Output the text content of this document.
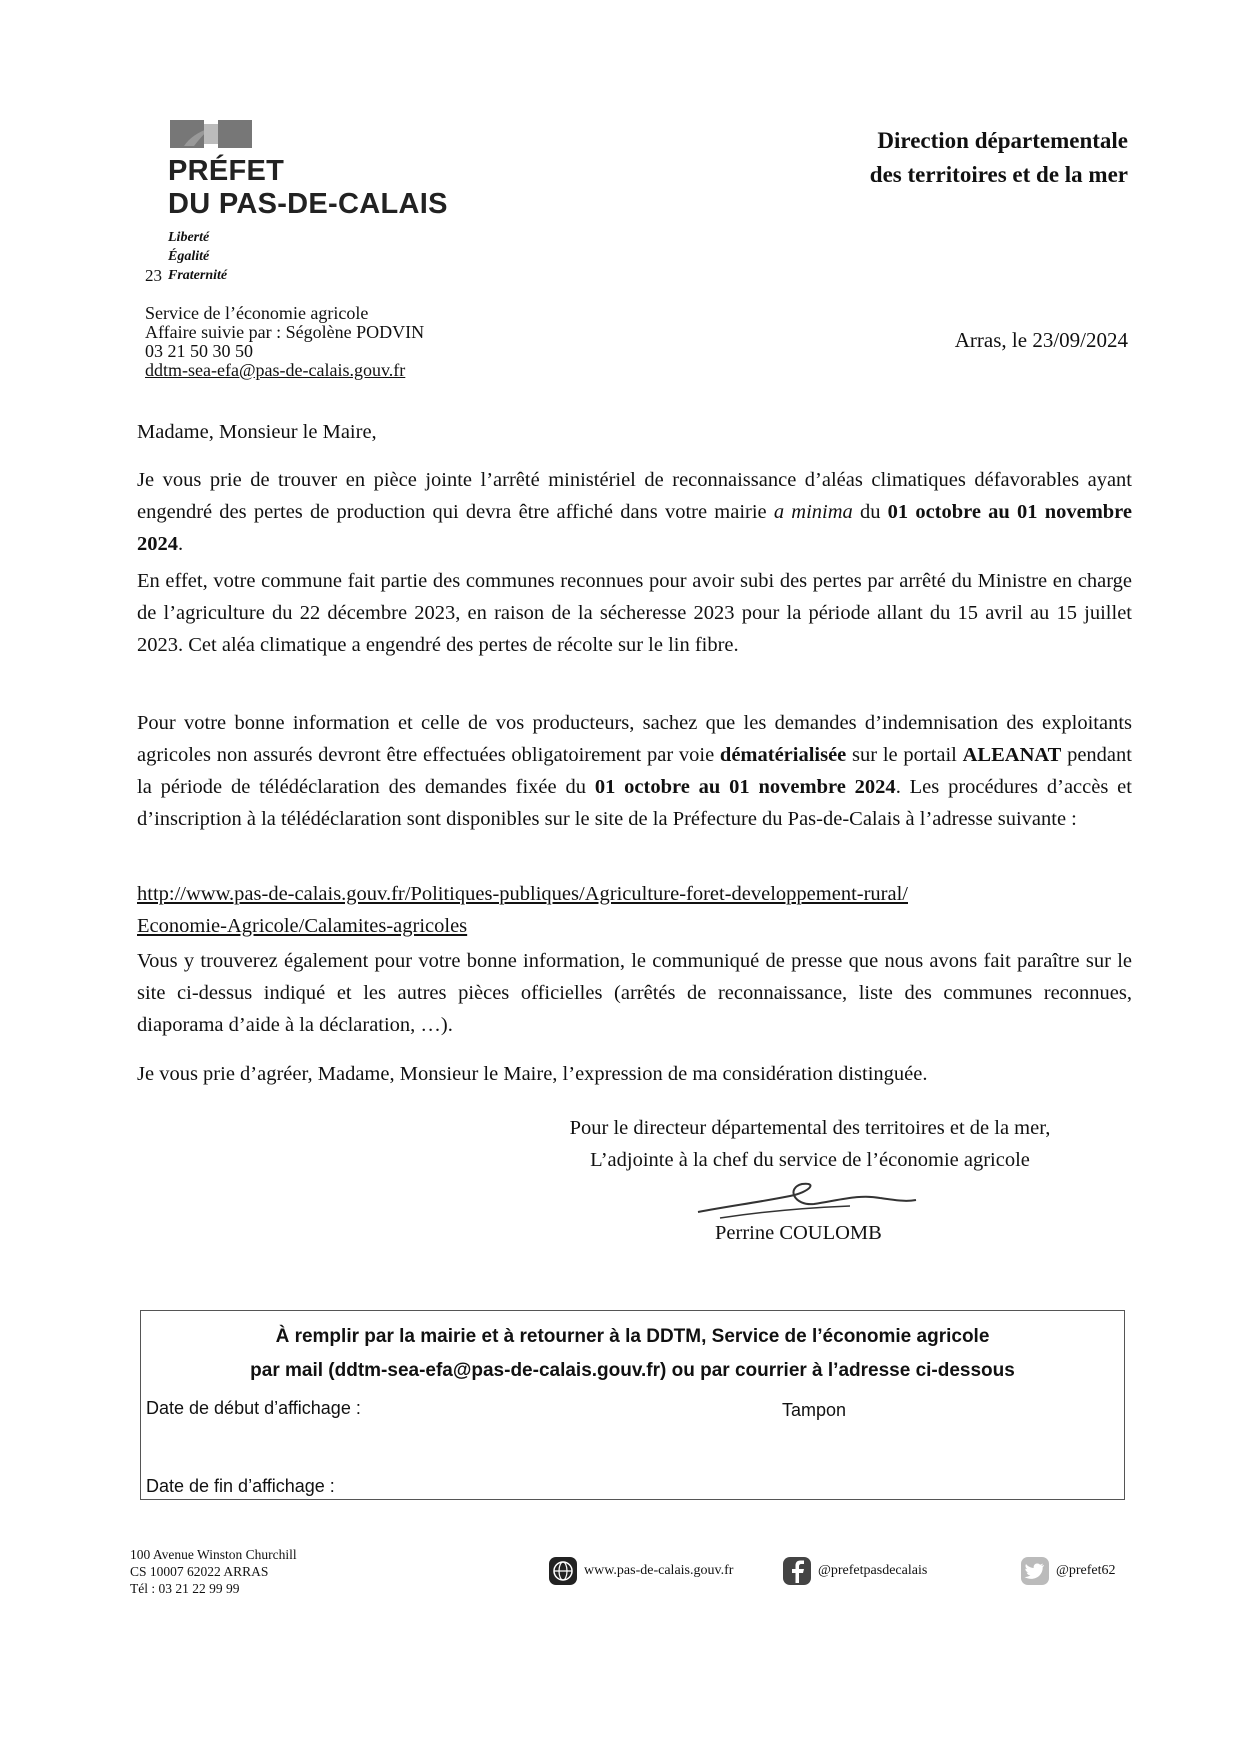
PRÉFET
DU PAS-DE-CALAIS
Liberté
Égalité
Fraternité
23
Service de l’économie agricole
Affaire suivie par : Ségolène PODVIN
03 21 50 30 50
ddtm-sea-efa@pas-de-calais.gouv.fr
Direction départementale
des territoires et de la mer
Arras, le 23/09/2024
Madame, Monsieur le Maire,

Je vous prie de trouver en pièce jointe l’arrêté ministériel de reconnaissance d’aléas climatiques défavorables ayant engendré des pertes de production qui devra être affiché dans votre mairie a minima du 01 octobre au 01 novembre 2024.

En effet, votre commune fait partie des communes reconnues pour avoir subi des pertes par arrêté du Ministre en charge de l’agriculture du 22 décembre 2023, en raison de la sécheresse 2023 pour la période allant du 15 avril au 15 juillet 2023. Cet aléa climatique a engendré des pertes de récolte sur le lin fibre.

Pour votre bonne information et celle de vos producteurs, sachez que les demandes d’indemnisation des exploitants agricoles non assurés devront être effectuées obligatoirement par voie dématérialisée sur le portail ALEANAT pendant la période de télédéclaration des demandes fixée du 01 octobre au 01 novembre 2024. Les procédures d’accès et d’inscription à la télédéclaration sont disponibles sur le site de la Préfecture du Pas-de-Calais à l’adresse suivante :

http://www.pas-de-calais.gouv.fr/Politiques-publiques/Agriculture-foret-developpement-rural/
Economie-Agricole/Calamites-agricoles

Vous y trouverez également pour votre bonne information, le communiqué de presse que nous avons fait paraître sur le site ci-dessus indiqué et les autres pièces officielles (arrêtés de reconnaissance, liste des communes reconnues, diaporama d’aide à la déclaration, …).

Je vous prie d’agréer, Madame, Monsieur le Maire, l’expression de ma considération distinguée.

Pour le directeur départemental des territoires et de la mer,
L’adjointe à la chef du service de l’économie agricole
Perrine COULOMB
À remplir par la mairie et à retourner à la DDTM, Service de l’économie agricole
par mail (ddtm-sea-efa@pas-de-calais.gouv.fr) ou par courrier à l’adresse ci-dessous
Date de début d’affichage :	Tampon
Date de fin d’affichage :
100 Avenue Winston Churchill
CS 10007 62022 ARRAS
Tél : 03 21 22 99 99
www.pas-de-calais.gouv.fr	@prefetpasdecalais	@prefet62
